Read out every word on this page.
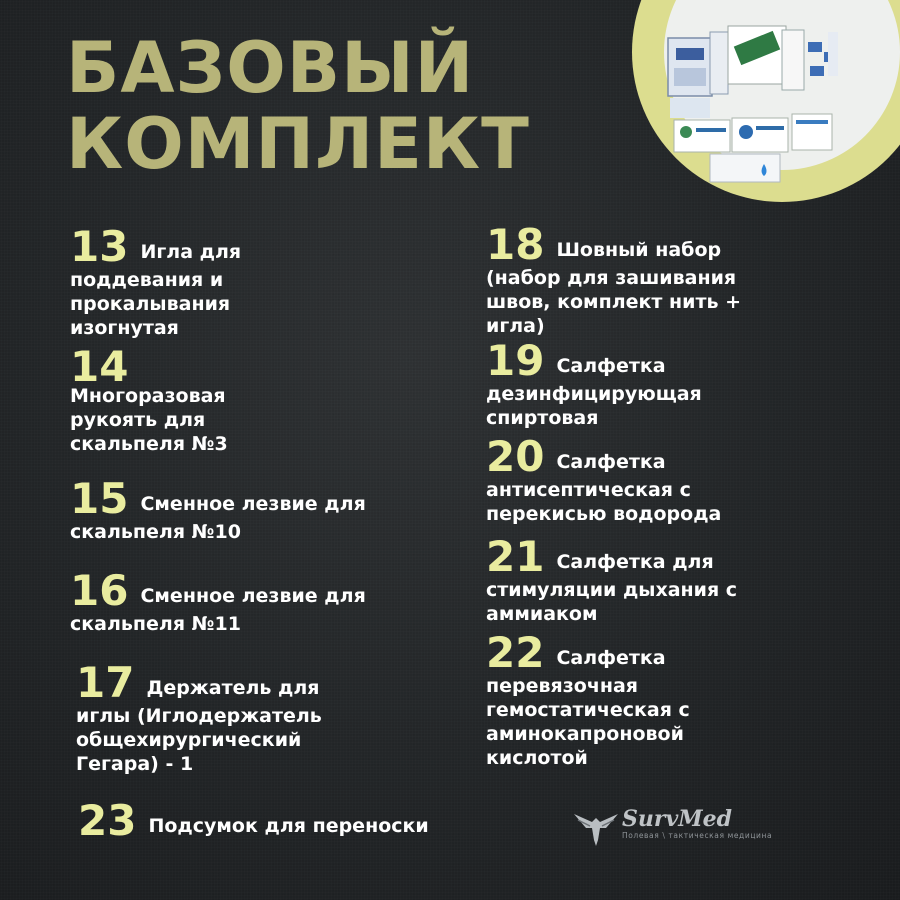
БАЗОВЫЙ
КОМПЛЕКТ
13 Игла для поддевания и прокалывания изогнутая
14
Многоразовая рукоять для скальпеля №3
15 Сменное лезвие для скальпеля №10
16 Сменное лезвие для скальпеля №11
17 Держатель для иглы (Иглодержатель общехирургический Гегара) - 1
18 Шовный набор (набор для зашивания швов, комплект нить + игла)
19 Салфетка дезинфицирующая спиртовая
20 Салфетка антисептическая с перекисью водорода
21 Салфетка для стимуляции дыхания с аммиаком
22 Салфетка перевязочная гемостатическая с аминокапроновой кислотой
23 Подсумок для переноски	SurvMed
Полевая \ тактическая медицина
